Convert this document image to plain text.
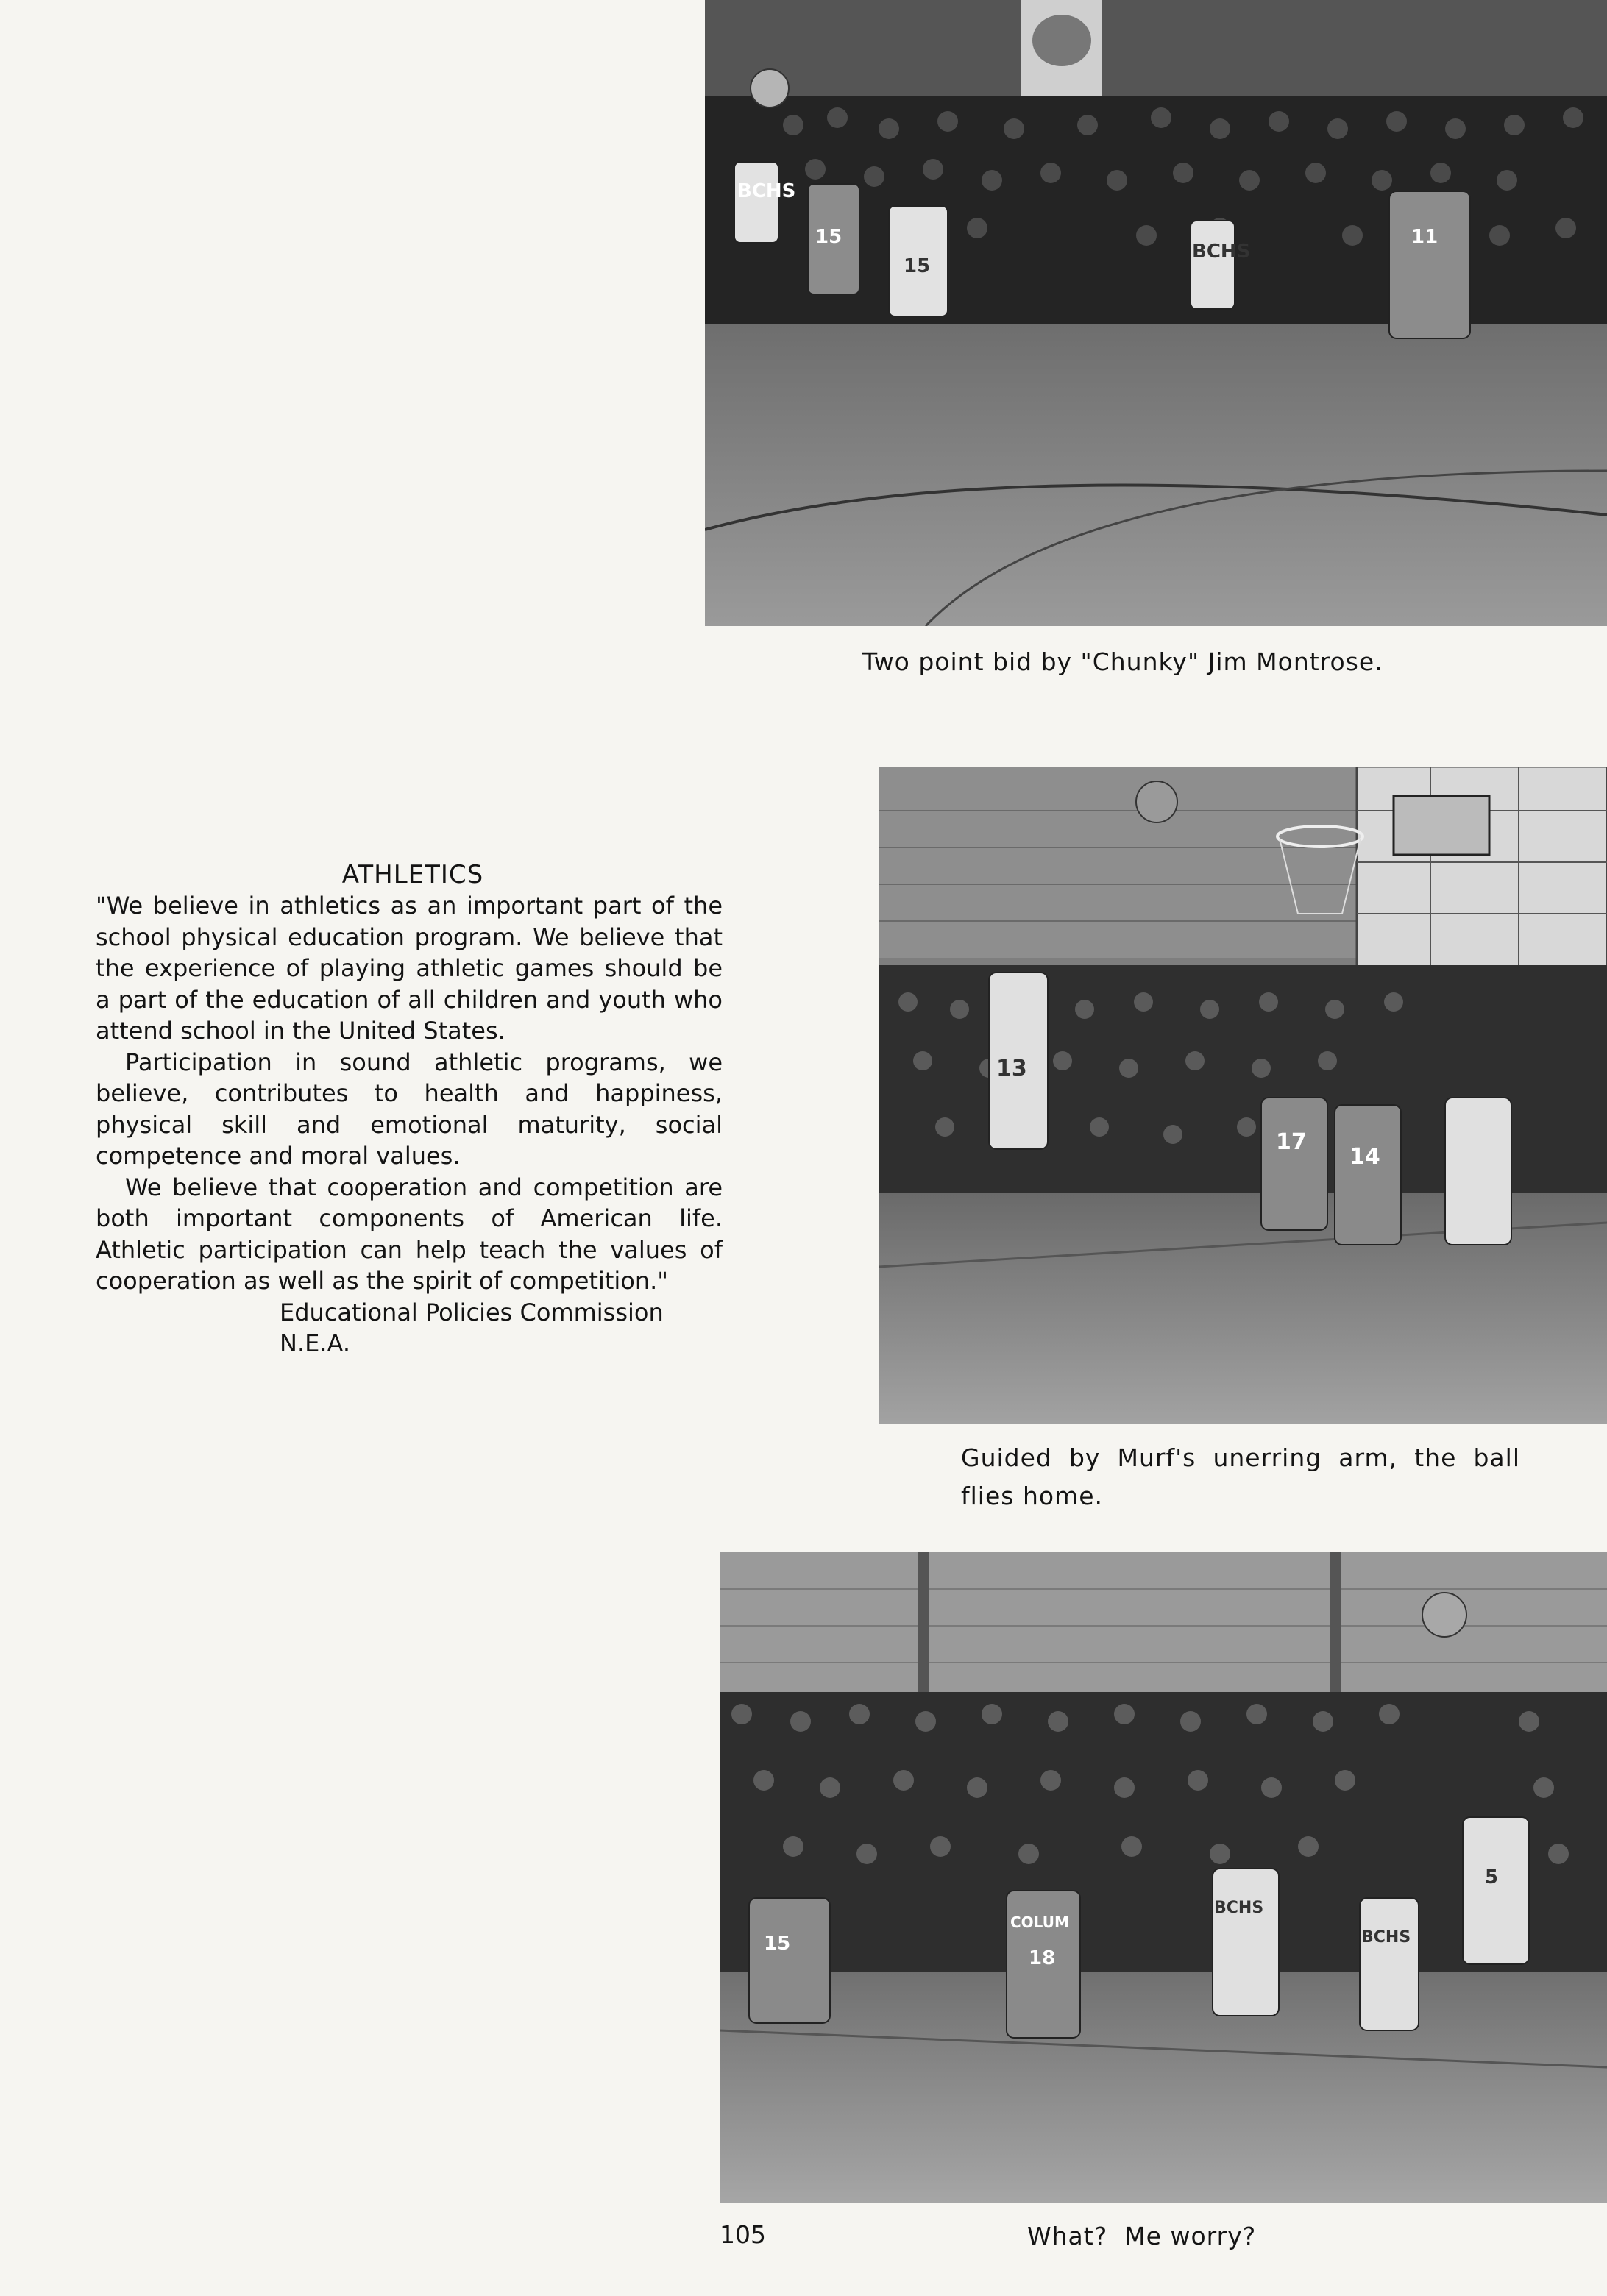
BCHS
15
15
BCHS
11

Two point bid by "Chunky" Jim Montrose.

13
17
14

Guided by Murf's unerring arm, the ball flies home.

ATHLETICS

"We believe in athletics as an important part of the school physical education program. We believe that the experience of playing athletic games should be a part of the education of all children and youth who attend school in the United States.

Participation in sound athletic programs, we believe, contributes to health and happiness, physical skill and emotional maturity, social competence and moral values.

We believe that cooperation and competition are both important components of American life. Athletic participation can help teach the values of cooperation as well as the spirit of competition."

Educational Policies Commission
N.E.A.
15
COLUM
18
BCHS
BCHS
5

What?  Me worry?

105
